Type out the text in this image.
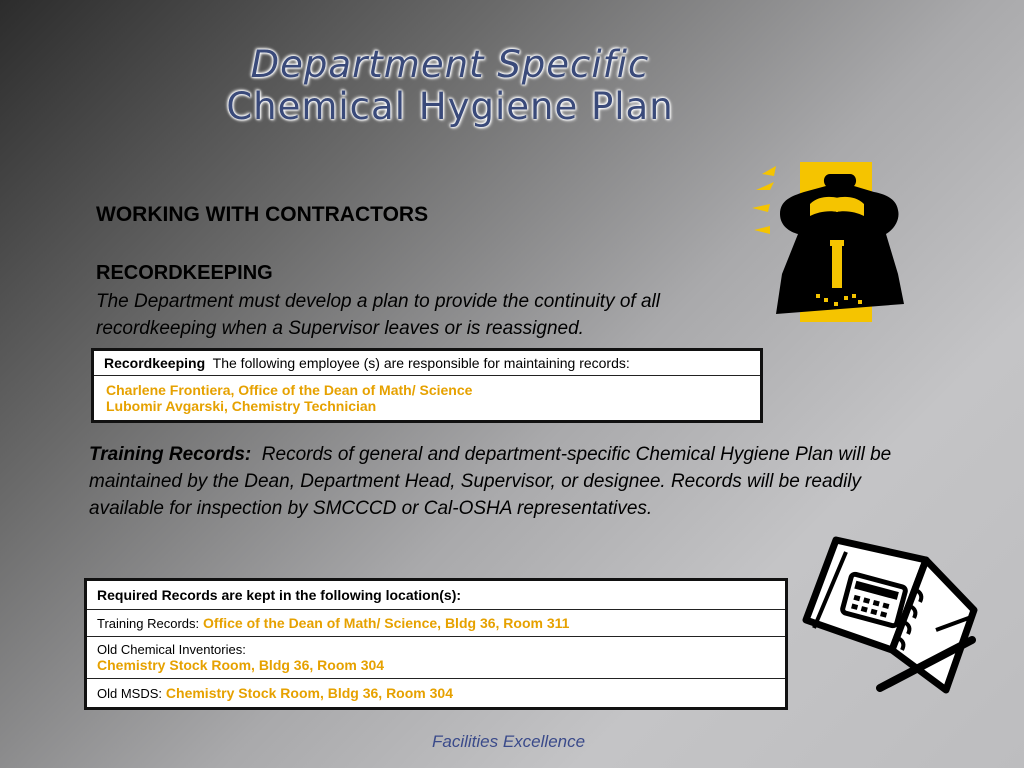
Department Specific
Chemical Hygiene Plan
WORKING WITH CONTRACTORS
RECORDKEEPING
The Department must develop a plan to provide the continuity of all recordkeeping when a Supervisor leaves or is reassigned.
Recordkeeping The following employee (s) are responsible for maintaining records:
Charlene Frontiera, Office of the Dean of Math/ Science
Lubomir Avgarski, Chemistry Technician
Training Records: Records of general and department-specific Chemical Hygiene Plan will be maintained by the Dean, Department Head, Supervisor, or designee. Records will be readily available for inspection by SMCCCD or Cal-OSHA representatives.
Required Records are kept in the following location(s):
Training Records: Office of the Dean of Math/ Science, Bldg 36, Room 311
Old Chemical Inventories:
Chemistry Stock Room, Bldg 36, Room 304
Old MSDS: Chemistry Stock Room, Bldg 36, Room 304
Facilities Excellence
